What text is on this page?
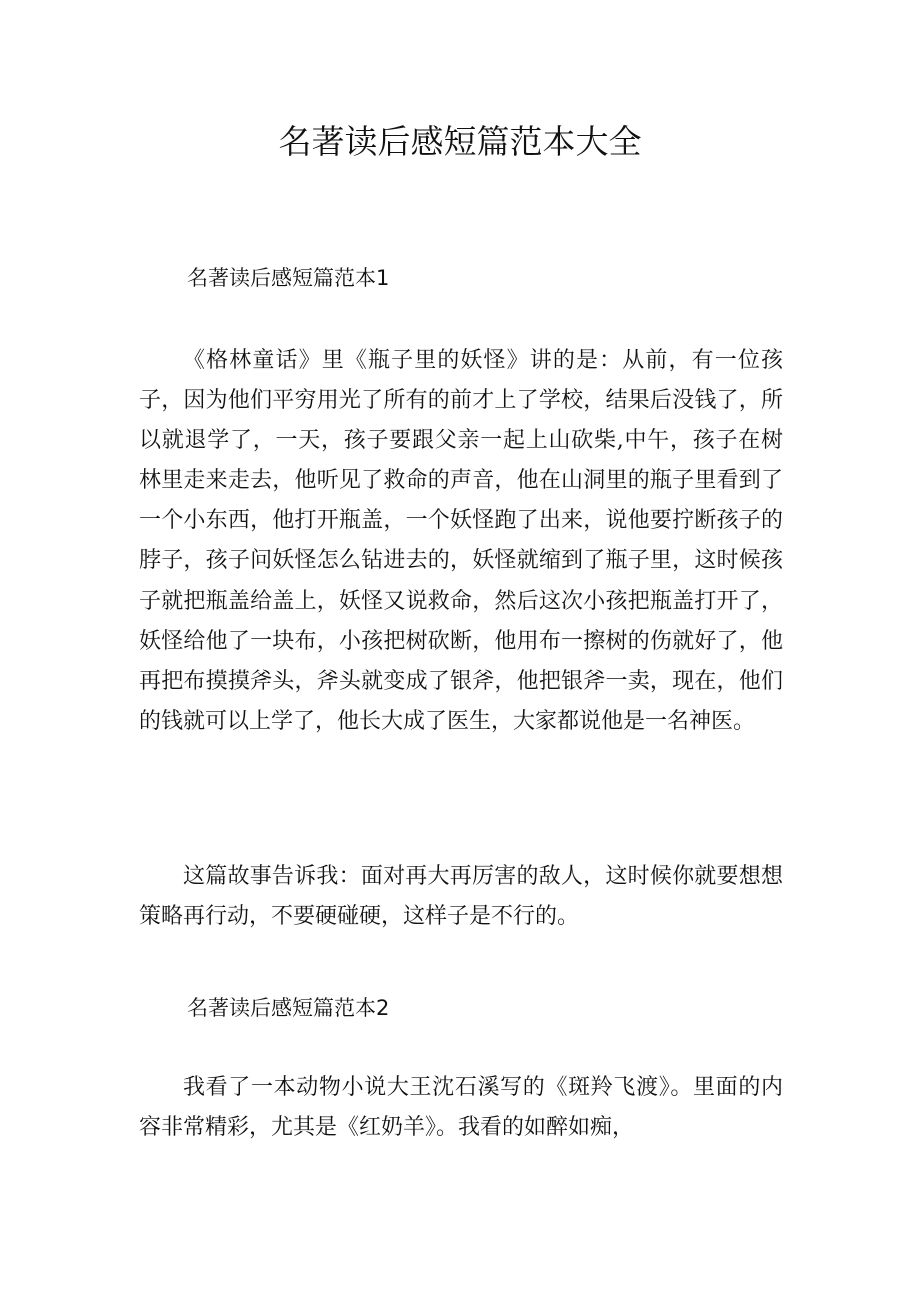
名著读后感短篇范本大全

名著读后感短篇范本1

《格林童话》里《瓶子里的妖怪》讲的是：从前，有一位孩子，因为他们平穷用光了所有的前才上了学校，结果后没钱了，所以就退学了，一天，孩子要跟父亲一起上山砍柴,中午，孩子在树林里走来走去，他听见了救命的声音，他在山洞里的瓶子里看到了一个小东西，他打开瓶盖，一个妖怪跑了出来，说他要拧断孩子的脖子，孩子问妖怪怎么钻进去的，妖怪就缩到了瓶子里，这时候孩子就把瓶盖给盖上，妖怪又说救命，然后这次小孩把瓶盖打开了，妖怪给他了一块布，小孩把树砍断，他用布一擦树的伤就好了，他再把布摸摸斧头，斧头就变成了银斧，他把银斧一卖，现在，他们的钱就可以上学了，他长大成了医生，大家都说他是一名神医。

这篇故事告诉我：面对再大再厉害的敌人，这时候你就要想想策略再行动，不要硬碰硬，这样子是不行的。

名著读后感短篇范本2

我看了一本动物小说大王沈石溪写的《斑羚飞渡》。里面的内容非常精彩，尤其是《红奶羊》。我看的如醉如痴，
